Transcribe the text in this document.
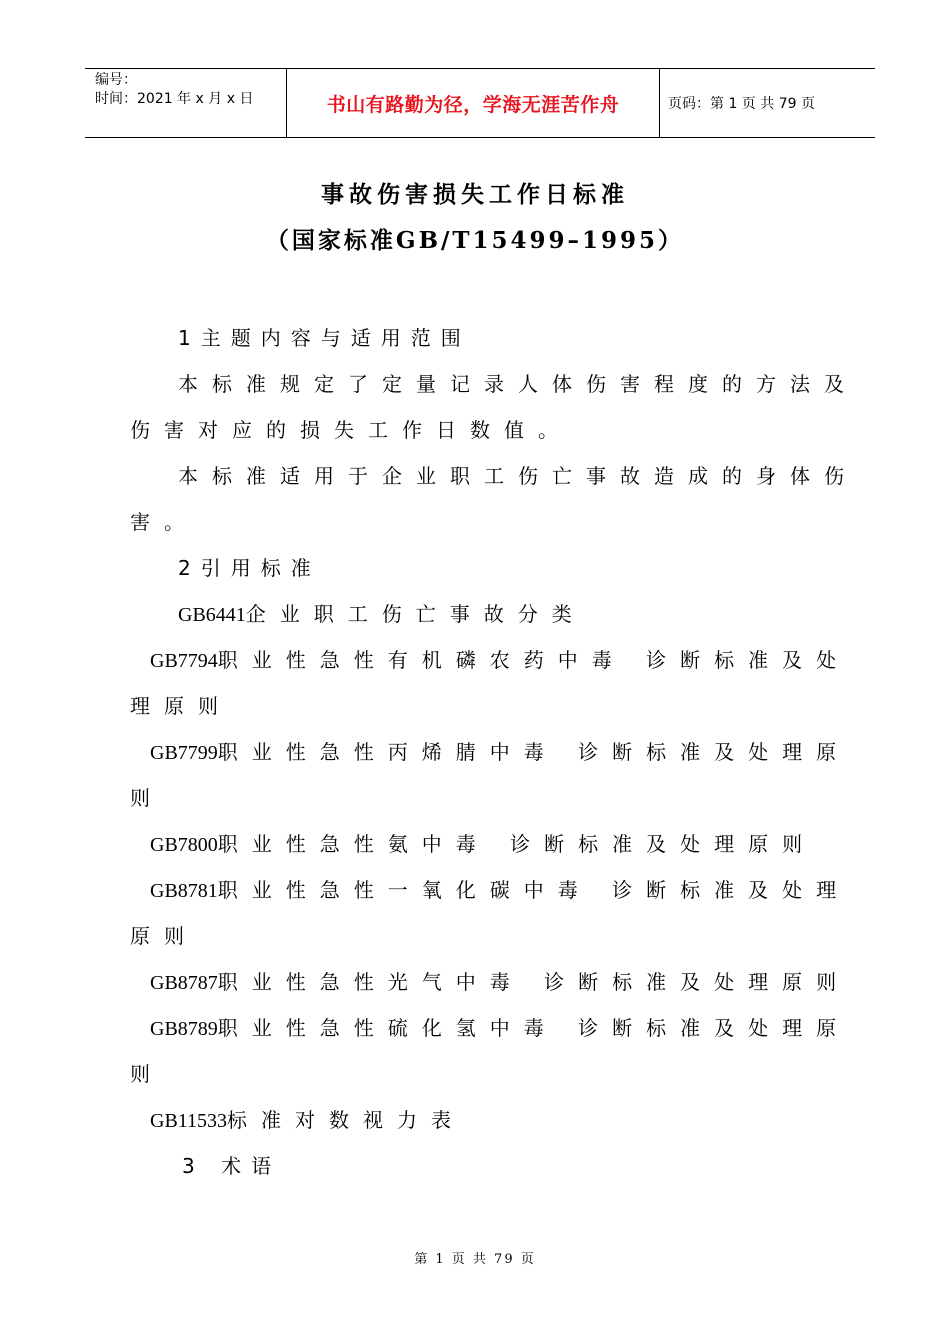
编号：
时间：2021 年 x 月 x 日	书山有路勤为径，学海无涯苦作舟	页码：第 1 页 共 79 页
事故伤害损失工作日标准
（国家标准GB/T15499–1995）
1主题内容与适用范围
本标准规定了定量记录人体伤害程度的方法及
伤害对应的损失工作日数值。
本标准适用于企业职工伤亡事故造成的身体伤
害。
2引用标准
GB6441企业职工伤亡事故分类
GB7794职业性急性有机磷农药中毒 诊断标准及处
理原则
GB7799职业性急性丙烯腈中毒 诊断标准及处理原
则
GB7800职业性急性氨中毒 诊断标准及处理原则
GB8781职业性急性一氧化碳中毒 诊断标准及处理
原则
GB8787职业性急性光气中毒 诊断标准及处理原则
GB8789职业性急性硫化氢中毒 诊断标准及处理原
则
GB11533标准对数视力表
3 术语
第 1 页 共 79 页
